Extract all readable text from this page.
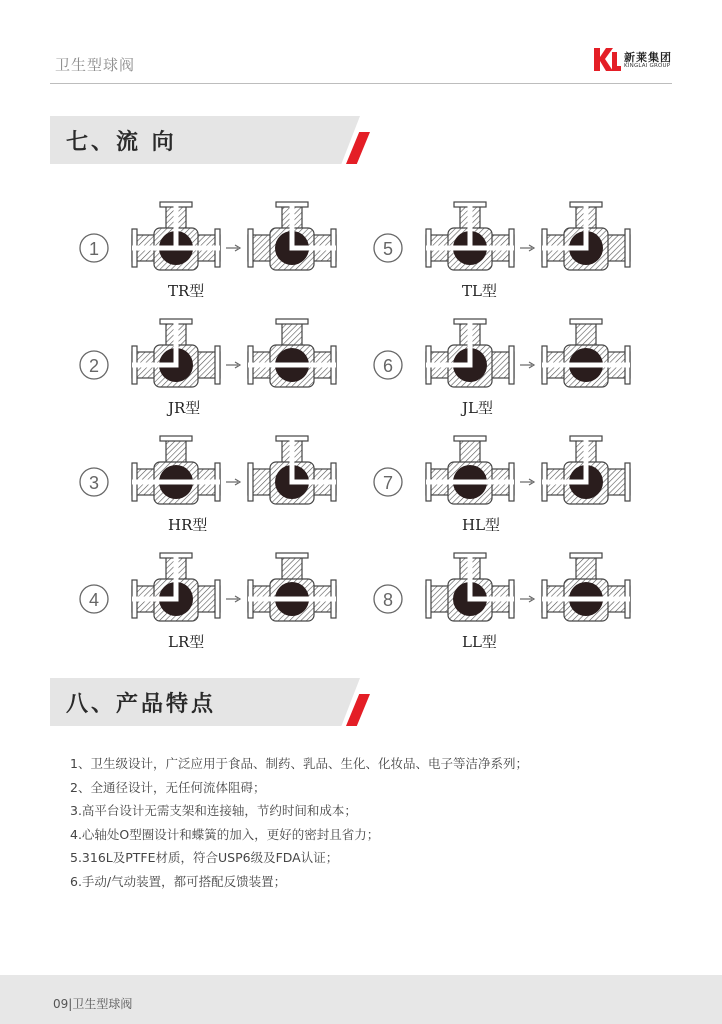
卫生型球阀	新莱集团
KINGLAI GROUP
七、流 向
1
2
3
4
5
6
7
8
TR型
JR型
HR型
LR型
TL型
JL型
HL型
LL型
八、产品特点
1、卫生级设计，广泛应用于食品、制药、乳品、生化、化妆品、电子等洁净系列；
2、全通径设计，无任何流体阻碍；
3.高平台设计无需支架和连接轴，节约时间和成本；
4.心轴处O型圈设计和蝶簧的加入，更好的密封且省力；
5.316L及PTFE材质，符合USP6级及FDA认证；
6.手动/气动装置，都可搭配反馈装置；
09|卫生型球阀
